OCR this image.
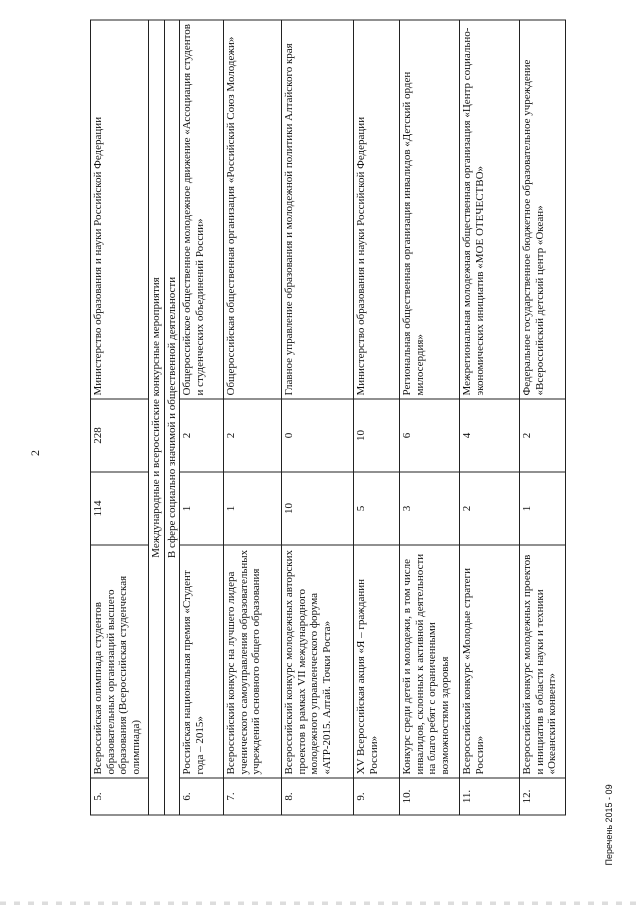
2
5.	Всероссийская олимпиада студентов образовательных организаций высшего образования (Всероссийская студенческая олимпиада)	114	228	Министерство образования и науки Российской Федерации
Международные и всероссийские конкурсные мероприятия				
В сфере социально значимой и общественной деятельности				
6.	Российская национальная премия «Студент года – 2015»	1	2	Общероссийское общественное молодежное движение «Ассоциация студентов и студенческих объединений России»
7.	Всероссийский конкурс на лучшего лидера ученического самоуправления образовательных учреждений основного общего образования	1	2	Общероссийская общественная организация «Российский Союз Молодежи»
8.	Всероссийский конкурс молодежных авторских проектов в рамках VII международного молодежного управленческого форума «АТР-2015. Алтай. Точки Роста»	10	0	Главное управление образования и молодежной политики Алтайского края
9.	XV Всероссийская акция «Я – гражданин России»	5	10	Министерство образования и науки Российской Федерации
10.	Конкурс среди детей и молодежи, в том числе инвалидов, склонных к активной деятельности на благо ребят с ограниченными возможностями здоровья	3	6	Региональная общественная организация инвалидов «Детский орден милосердия»
11.	Всероссийский конкурс «Молодые стратеги России»	2	4	Межрегиональная молодежная общественная организация «Центр социально-экономических инициатив «МОЕ ОТЕЧЕСТВО»
12.	Всероссийский конкурс молодежных проектов и инициатив в области науки и техники «Океанский конвент»	1	2	Федеральное государственное бюджетное образовательное учреждение «Всероссийский детский центр «Океан»
Перечень 2015 - 09
